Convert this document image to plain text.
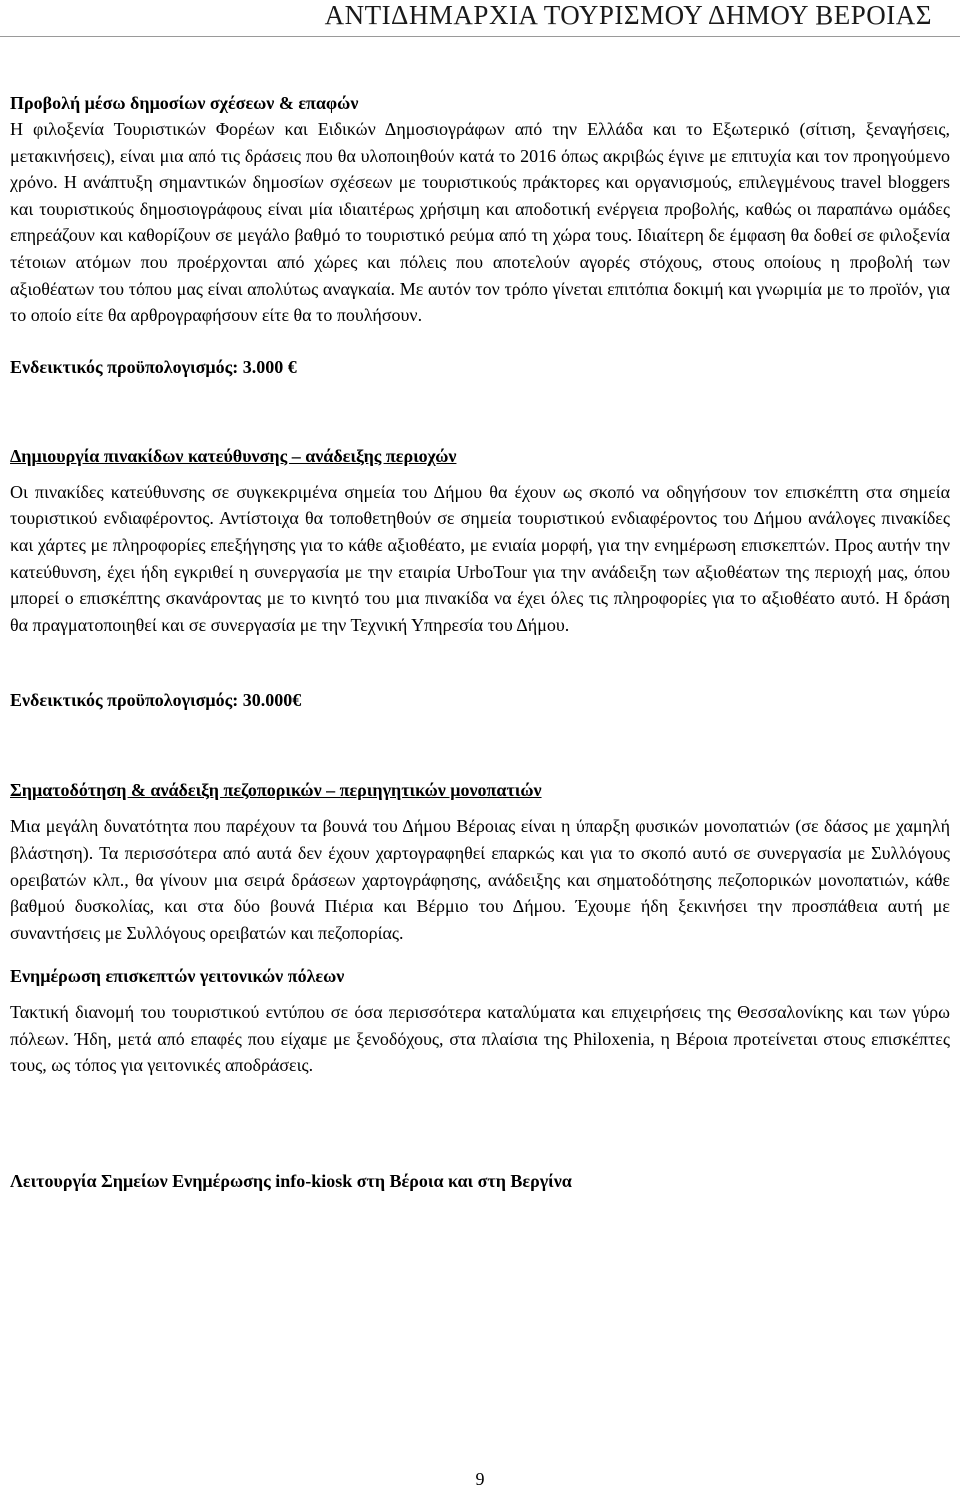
ΑΝΤΙΔΗΜΑΡΧΙΑ ΤΟΥΡΙΣΜΟΥ ΔΗΜΟΥ ΒΕΡΟΙΑΣ

Προβολή μέσω δημοσίων σχέσεων & επαφών

Η φιλοξενία Τουριστικών Φορέων και Ειδικών Δημοσιογράφων από την Ελλάδα και το Εξωτερικό (σίτιση, ξεναγήσεις, μετακινήσεις), είναι μια από τις δράσεις που θα υλοποιηθούν κατά το 2016 όπως ακριβώς έγινε με επιτυχία και τον προηγούμενο χρόνο. Η ανάπτυξη σημαντικών δημοσίων σχέσεων με τουριστικούς πράκτορες και οργανισμούς, επιλεγμένους travel bloggers και τουριστικούς δημοσιογράφους είναι μία ιδιαιτέρως χρήσιμη και αποδοτική ενέργεια προβολής, καθώς οι παραπάνω ομάδες επηρεάζουν και καθορίζουν σε μεγάλο βαθμό το τουριστικό ρεύμα από τη χώρα τους. Ιδιαίτερη δε έμφαση θα δοθεί σε φιλοξενία τέτοιων ατόμων που προέρχονται από χώρες και πόλεις που αποτελούν αγορές στόχους, στους οποίους η προβολή των αξιοθέατων του τόπου μας είναι απολύτως αναγκαία. Με αυτόν τον τρόπο γίνεται επιτόπια δοκιμή και γνωριμία με το προϊόν, για το οποίο είτε θα αρθρογραφήσουν είτε θα το πουλήσουν.

Ενδεικτικός προϋπολογισμός: 3.000 €

Δημιουργία πινακίδων κατεύθυνσης – ανάδειξης περιοχών

Οι πινακίδες κατεύθυνσης σε συγκεκριμένα σημεία του Δήμου θα έχουν ως σκοπό να οδηγήσουν τον επισκέπτη στα σημεία τουριστικού ενδιαφέροντος. Αντίστοιχα θα τοποθετηθούν σε σημεία τουριστικού ενδιαφέροντος του Δήμου ανάλογες πινακίδες και χάρτες με πληροφορίες επεξήγησης για το κάθε αξιοθέατο, με ενιαία μορφή, για την ενημέρωση επισκεπτών. Προς αυτήν την κατεύθυνση, έχει ήδη εγκριθεί η συνεργασία με την εταιρία UrboTour για την ανάδειξη των αξιοθέατων της περιοχή μας, όπου μπορεί ο επισκέπτης σκανάροντας με το κινητό του μια πινακίδα να έχει όλες τις πληροφορίες για το αξιοθέατο αυτό. Η δράση θα πραγματοποιηθεί και σε συνεργασία με την Τεχνική Υπηρεσία του Δήμου.

Ενδεικτικός προϋπολογισμός: 30.000€

Σηματοδότηση & ανάδειξη πεζοπορικών – περιηγητικών μονοπατιών

Μια μεγάλη δυνατότητα που παρέχουν τα βουνά του Δήμου Βέροιας είναι η ύπαρξη φυσικών μονοπατιών (σε δάσος με χαμηλή βλάστηση). Τα περισσότερα από αυτά δεν έχουν χαρτογραφηθεί επαρκώς και για το σκοπό αυτό σε συνεργασία με Συλλόγους ορειβατών κλπ., θα γίνουν μια σειρά δράσεων χαρτογράφησης, ανάδειξης και σηματοδότησης πεζοπορικών μονοπατιών, κάθε βαθμού δυσκολίας, και στα δύο βουνά Πιέρια και Βέρμιο του Δήμου. Έχουμε ήδη ξεκινήσει την προσπάθεια αυτή με συναντήσεις με Συλλόγους ορειβατών και πεζοπορίας.

Ενημέρωση επισκεπτών γειτονικών πόλεων

Τακτική διανομή του τουριστικού εντύπου σε όσα περισσότερα καταλύματα και επιχειρήσεις της Θεσσαλονίκης και των γύρω πόλεων. Ήδη, μετά από επαφές που είχαμε με ξενοδόχους, στα πλαίσια της Philoxenia, η Βέροια προτείνεται στους επισκέπτες τους, ως τόπος για γειτονικές αποδράσεις.

Λειτουργία Σημείων Ενημέρωσης info-kiosk στη Βέροια και στη Βεργίνα

9
